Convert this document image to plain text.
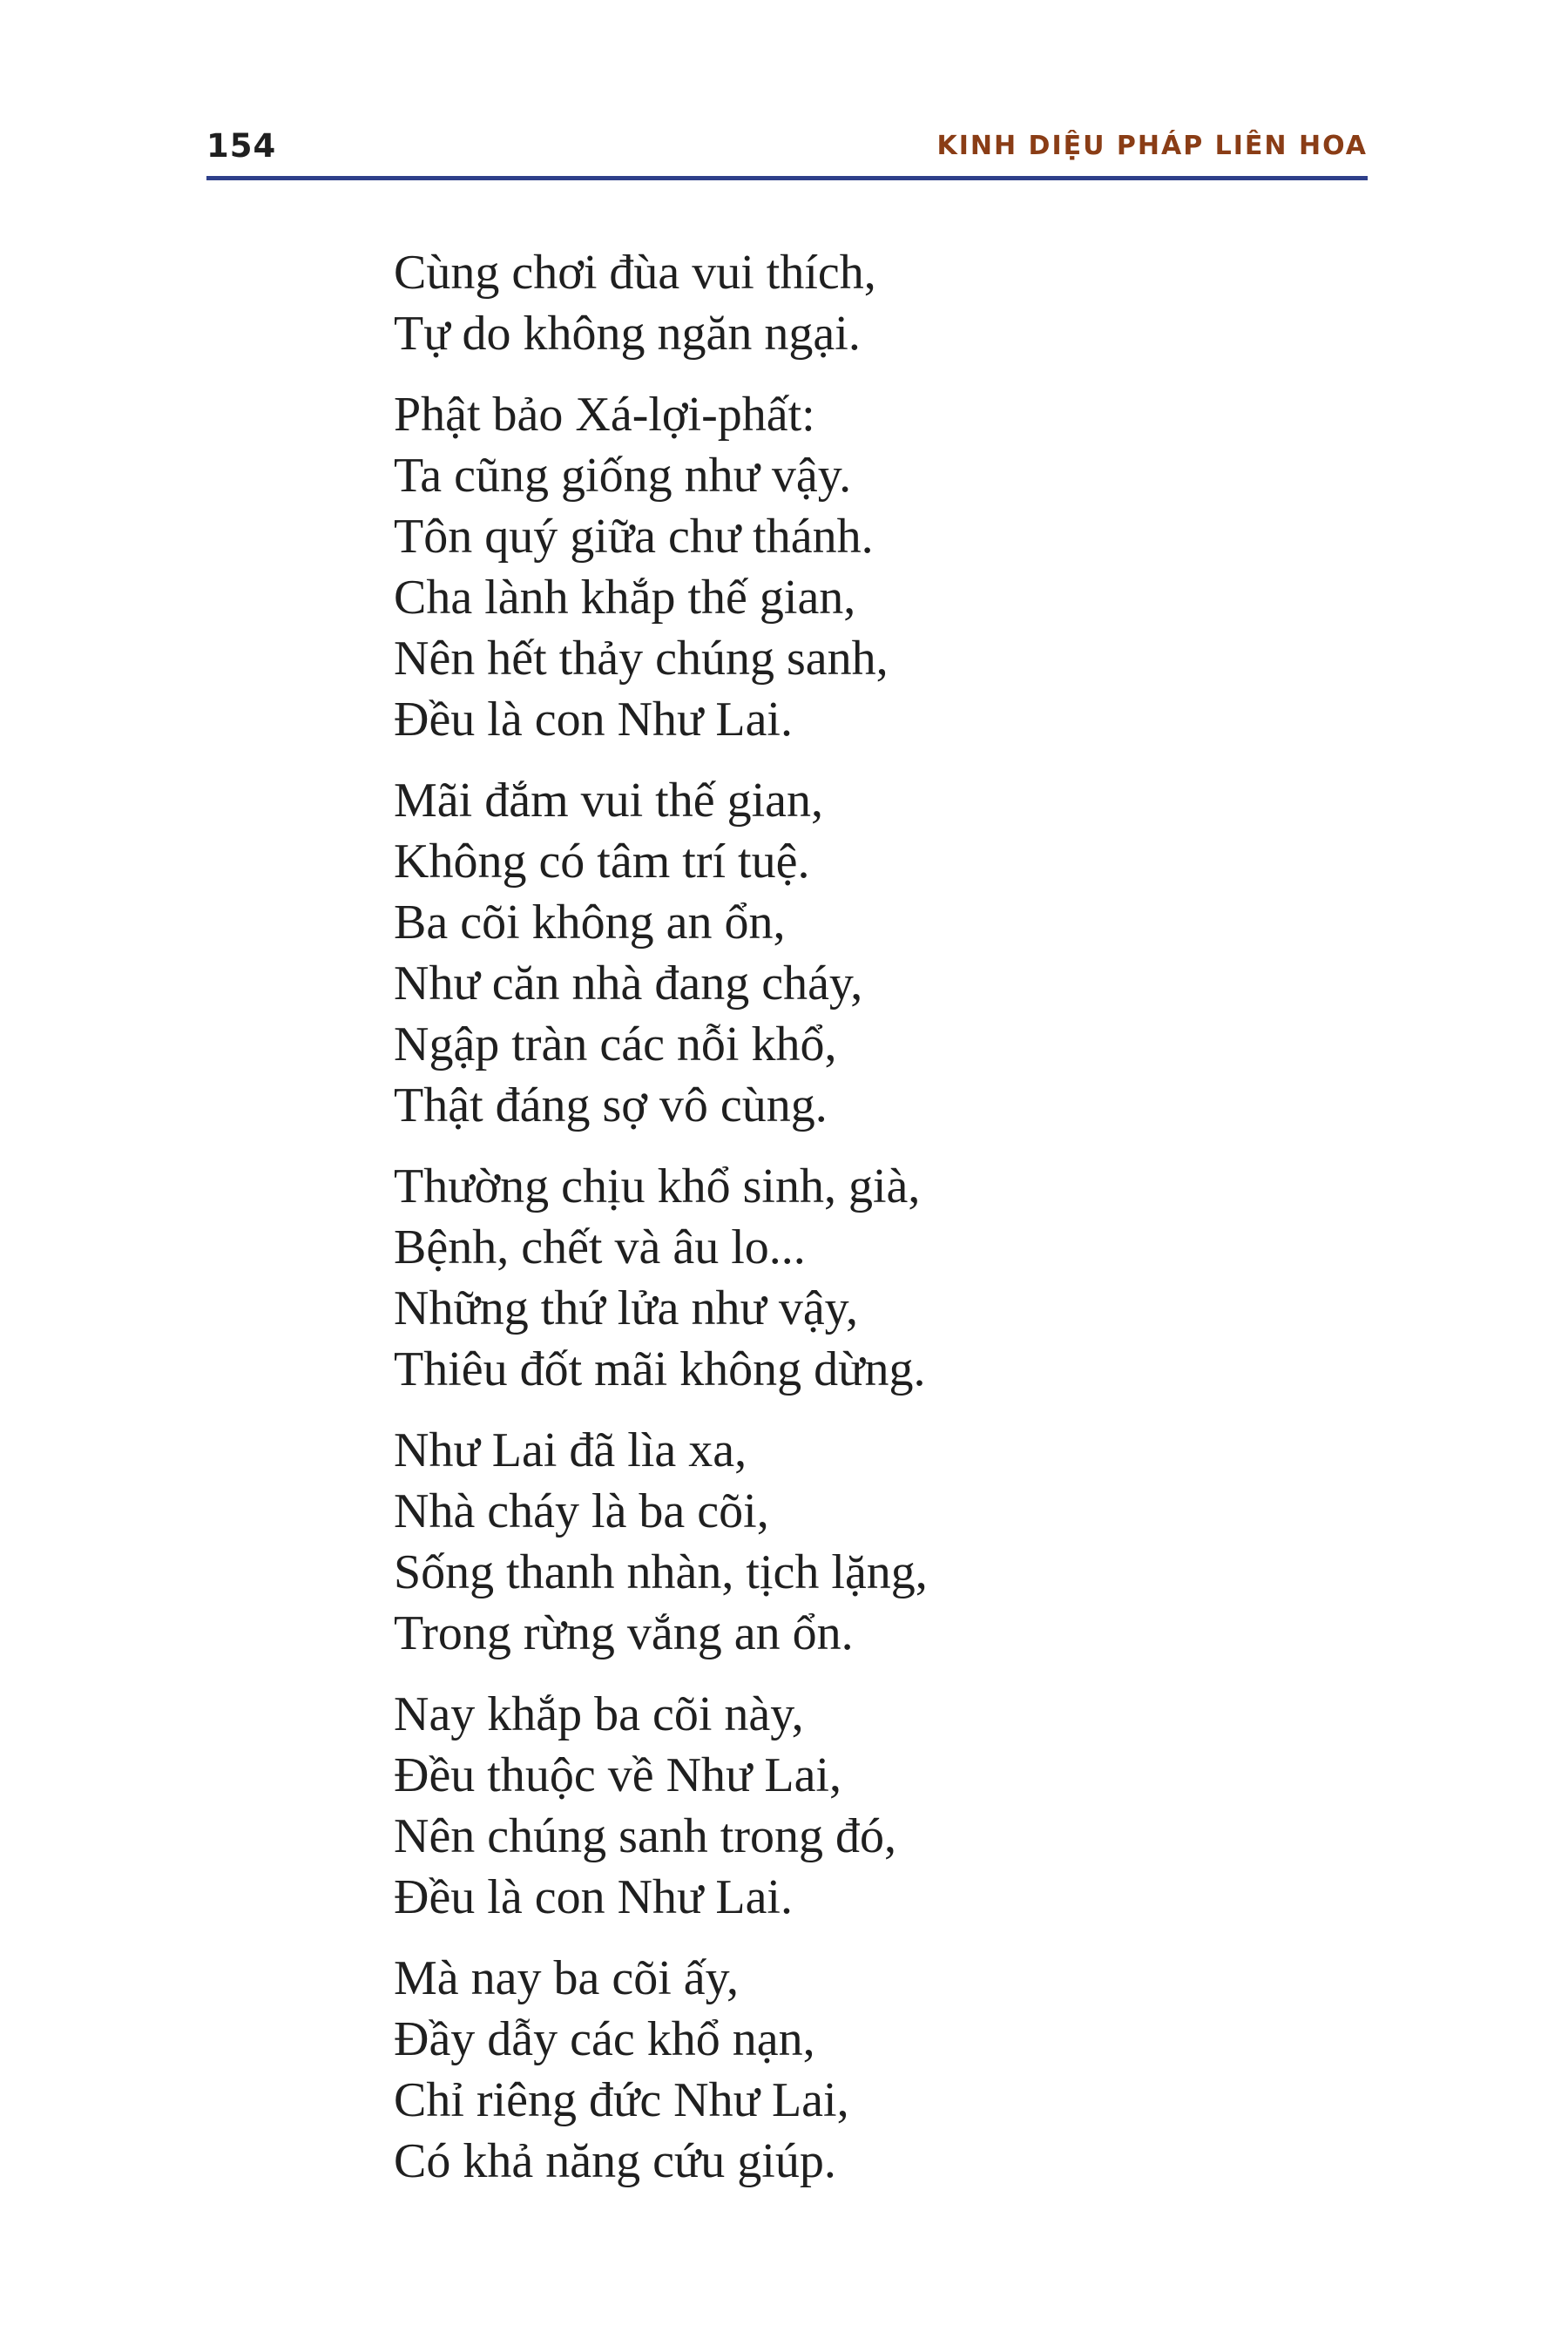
154	KINH DIỆU PHÁP LIÊN HOA
Cùng chơi đùa vui thích,
Tự do không ngăn ngại.
Phật bảo Xá-lợi-phất:
Ta cũng giống như vậy.
Tôn quý giữa chư thánh.
Cha lành khắp thế gian,
Nên hết thảy chúng sanh,
Đều là con Như Lai.
Mãi đắm vui thế gian,
Không có tâm trí tuệ.
Ba cõi không an ổn,
Như căn nhà đang cháy,
Ngập tràn các nỗi khổ,
Thật đáng sợ vô cùng.
Thường chịu khổ sinh, già,
Bệnh, chết và âu lo...
Những thứ lửa như vậy,
Thiêu đốt mãi không dừng.
Như Lai đã lìa xa,
Nhà cháy là ba cõi,
Sống thanh nhàn, tịch lặng,
Trong rừng vắng an ổn.
Nay khắp ba cõi này,
Đều thuộc về Như Lai,
Nên chúng sanh trong đó,
Đều là con Như Lai.
Mà nay ba cõi ấy,
Đầy dẫy các khổ nạn,
Chỉ riêng đức Như Lai,
Có khả năng cứu giúp.
